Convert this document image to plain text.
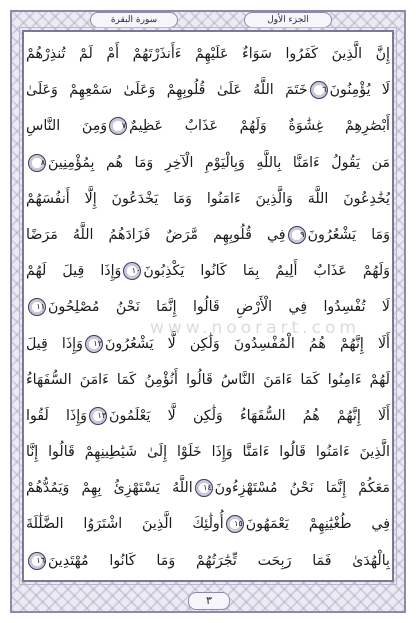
سورة البقرة	الجزء الأول
إِنَّ الَّذِينَ كَفَرُوا سَوَاءٌ عَلَيْهِمْ ءَأَنذَرْتَهُمْ أَمْ لَمْ تُنذِرْهُمْ
لَا يُؤْمِنُونَ٦خَتَمَ اللَّهُ عَلَىٰ قُلُوبِهِمْ وَعَلَىٰ سَمْعِهِمْ وَعَلَىٰ
أَبْصَٰرِهِمْ غِشَٰوَةٌ وَلَهُمْ عَذَابٌ عَظِيمٌ٧وَمِنَ النَّاسِ
مَن يَقُولُ ءَامَنَّا بِاللَّهِ وَبِالْيَوْمِ الْآخِرِ وَمَا هُم بِمُؤْمِنِينَ٨
يُخَٰدِعُونَ اللَّهَ وَالَّذِينَ ءَامَنُوا وَمَا يَخْدَعُونَ إِلَّا أَنفُسَهُمْ
وَمَا يَشْعُرُونَ٩فِي قُلُوبِهِم مَّرَضٌ فَزَادَهُمُ اللَّهُ مَرَضًا
وَلَهُمْ عَذَابٌ أَلِيمٌ بِمَا كَانُوا يَكْذِبُونَ١٠وَإِذَا قِيلَ لَهُمْ
لَا تُفْسِدُوا فِي الْأَرْضِ قَالُوا إِنَّمَا نَحْنُ مُصْلِحُونَ١١
أَلَا إِنَّهُمْ هُمُ الْمُفْسِدُونَ وَلَٰكِن لَّا يَشْعُرُونَ١٢وَإِذَا قِيلَ
لَهُمْ ءَامِنُوا كَمَا ءَامَنَ النَّاسُ قَالُوا أَنُؤْمِنُ كَمَا ءَامَنَ السُّفَهَاءُ
أَلَا إِنَّهُمْ هُمُ السُّفَهَاءُ وَلَٰكِن لَّا يَعْلَمُونَ١٣وَإِذَا لَقُوا
الَّذِينَ ءَامَنُوا قَالُوا ءَامَنَّا وَإِذَا خَلَوْا إِلَىٰ شَيَٰطِينِهِمْ قَالُوا إِنَّا
مَعَكُمْ إِنَّمَا نَحْنُ مُسْتَهْزِءُونَ١٤اللَّهُ يَسْتَهْزِئُ بِهِمْ وَيَمُدُّهُمْ
فِي طُغْيَٰنِهِمْ يَعْمَهُونَ١٥أُولَٰئِكَ الَّذِينَ اشْتَرَوُا الضَّلَٰلَةَ
بِالْهُدَىٰ فَمَا رَبِحَت تِّجَٰرَتُهُمْ وَمَا كَانُوا مُهْتَدِينَ١٦
www.noorart.com
٣
